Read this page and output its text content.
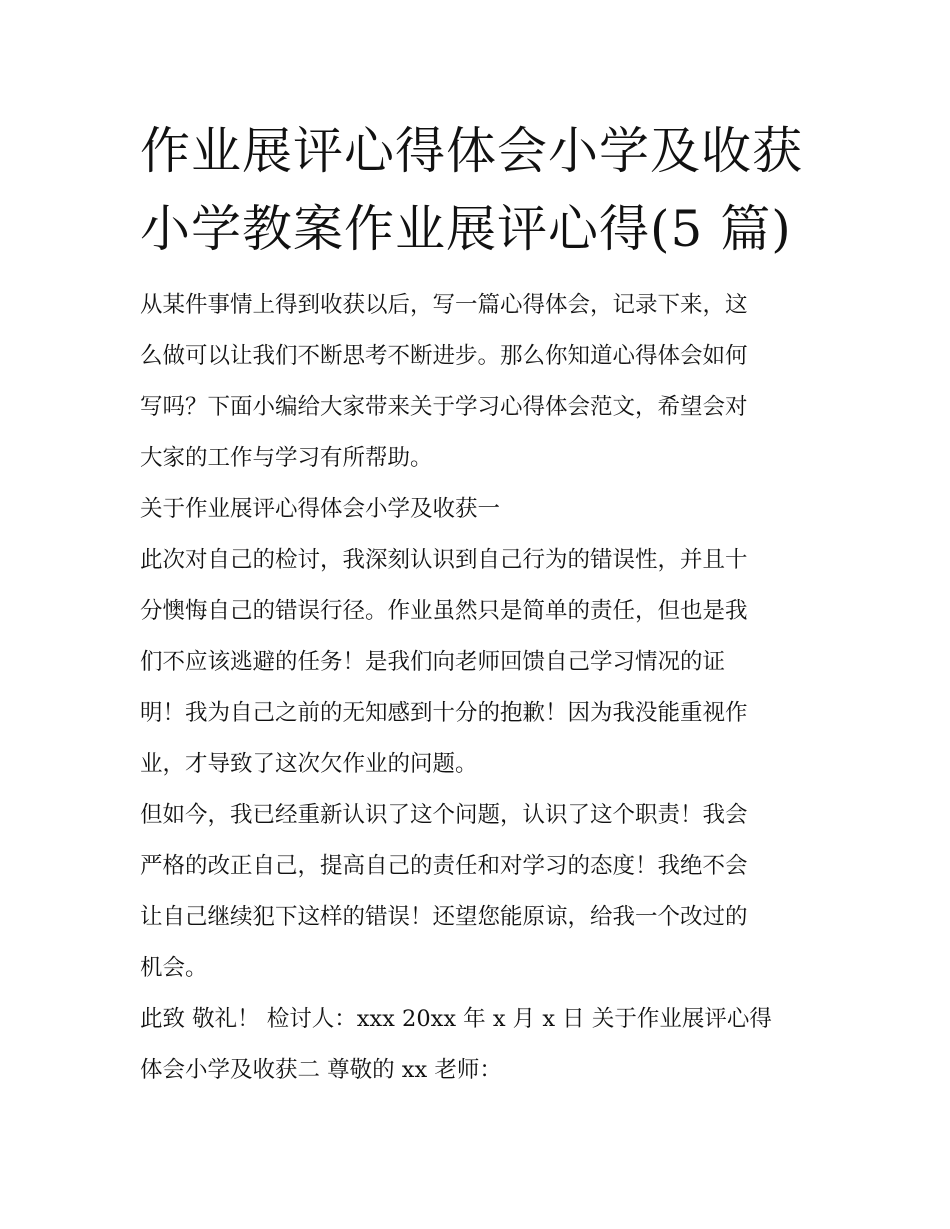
作业展评心得体会小学及收获
小学教案作业展评心得(5 篇)

从某件事情上得到收获以后，写一篇心得体会，记录下来，这
么做可以让我们不断思考不断进步。那么你知道心得体会如何
写吗？下面小编给大家带来关于学习心得体会范文，希望会对
大家的工作与学习有所帮助。

关于作业展评心得体会小学及收获一

此次对自己的检讨，我深刻认识到自己行为的错误性，并且十
分懊悔自己的错误行径。作业虽然只是简单的责任，但也是我
们不应该逃避的任务！是我们向老师回馈自己学习情况的证
明！我为自己之前的无知感到十分的抱歉！因为我没能重视作
业，才导致了这次欠作业的问题。

但如今，我已经重新认识了这个问题，认识了这个职责！我会
严格的改正自己，提高自己的责任和对学习的态度！我绝不会
让自己继续犯下这样的错误！还望您能原谅，给我一个改过的
机会。

此致 敬礼！ 检讨人：xxx 20xx 年 x 月 x 日 关于作业展评心得
体会小学及收获二 尊敬的 xx 老师：
